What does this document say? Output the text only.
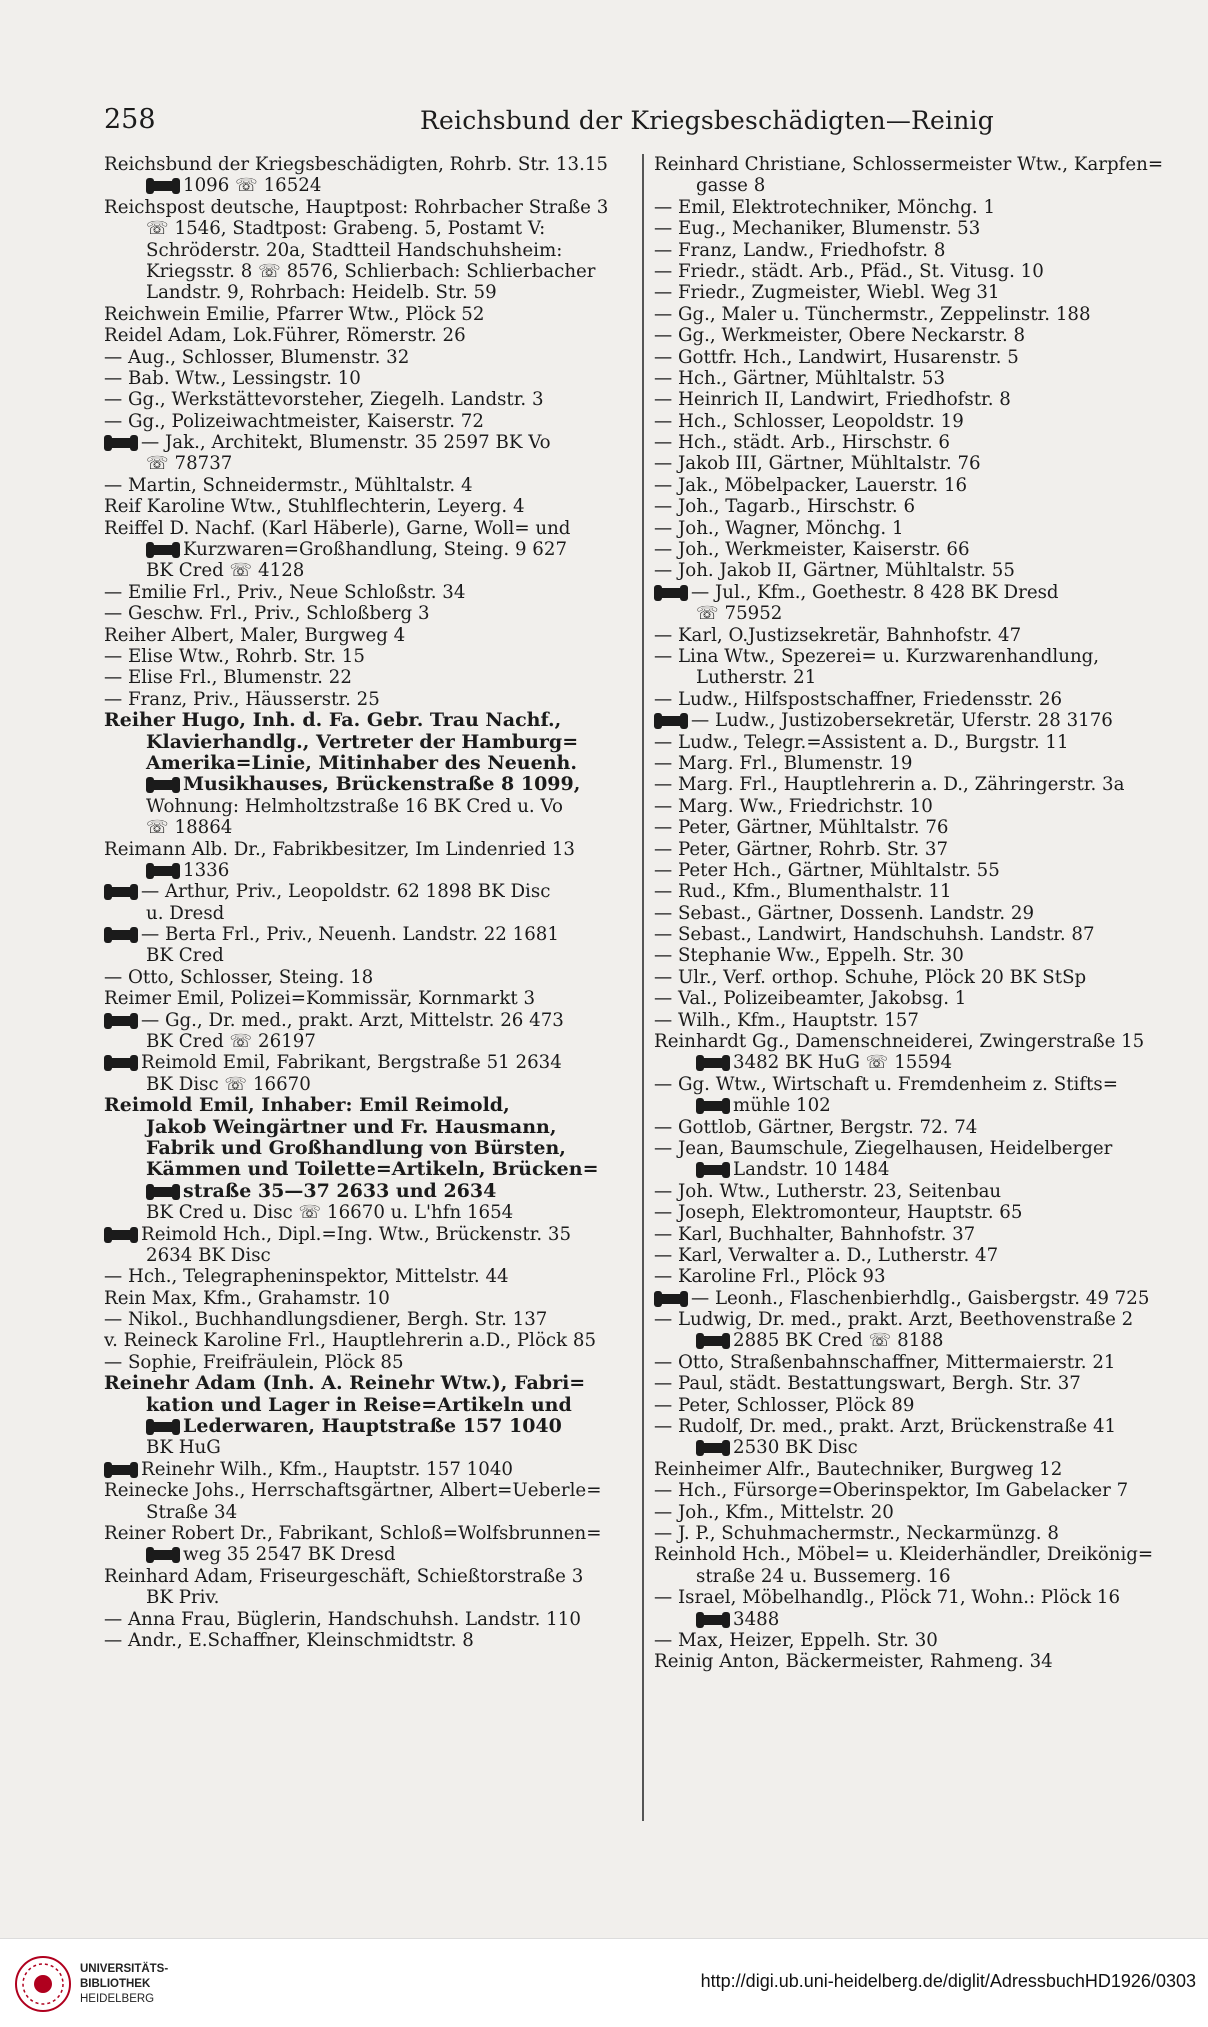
258	Reichsbund der Kriegsbeschädigten—Reinig
Reichsbund der Kriegsbeschädigten, Rohrb. Str. 13.15
1096 ☏ 16524
Reichspost deutsche, Hauptpost: Rohrbacher Straße 3
☏ 1546, Stadtpost: Grabeng. 5, Postamt V:
Schröderstr. 20a, Stadtteil Handschuhsheim:
Kriegsstr. 8 ☏ 8576, Schlierbach: Schlierbacher
Landstr. 9, Rohrbach: Heidelb. Str. 59
Reichwein Emilie, Pfarrer Wtw., Plöck 52
Reidel Adam, Lok.Führer, Römerstr. 26
— Aug., Schlosser, Blumenstr. 32
— Bab. Wtw., Lessingstr. 10
— Gg., Werkstättevorsteher, Ziegelh. Landstr. 3
— Gg., Polizeiwachtmeister, Kaiserstr. 72
— Jak., Architekt, Blumenstr. 35 2597 BK Vo
☏ 78737
— Martin, Schneidermstr., Mühltalstr. 4
Reif Karoline Wtw., Stuhlflechterin, Leyerg. 4
Reiffel D. Nachf. (Karl Häberle), Garne, Woll= und
Kurzwaren=Großhandlung, Steing. 9 627
BK Cred ☏ 4128
— Emilie Frl., Priv., Neue Schloßstr. 34
— Geschw. Frl., Priv., Schloßberg 3
Reiher Albert, Maler, Burgweg 4
— Elise Wtw., Rohrb. Str. 15
— Elise Frl., Blumenstr. 22
— Franz, Priv., Häusserstr. 25
Reiher Hugo, Inh. d. Fa. Gebr. Trau Nachf.,
Klavierhandlg., Vertreter der Hamburg=
Amerika=Linie, Mitinhaber des Neuenh.
Musikhauses, Brückenstraße 8 1099,
Wohnung: Helmholtzstraße 16 BK Cred u. Vo
☏ 18864
Reimann Alb. Dr., Fabrikbesitzer, Im Lindenried 13
1336
— Arthur, Priv., Leopoldstr. 62 1898 BK Disc
u. Dresd
— Berta Frl., Priv., Neuenh. Landstr. 22 1681
BK Cred
— Otto, Schlosser, Steing. 18
Reimer Emil, Polizei=Kommissär, Kornmarkt 3
— Gg., Dr. med., prakt. Arzt, Mittelstr. 26 473
BK Cred ☏ 26197
Reimold Emil, Fabrikant, Bergstraße 51 2634
BK Disc ☏ 16670
Reimold Emil, Inhaber: Emil Reimold,
Jakob Weingärtner und Fr. Hausmann,
Fabrik und Großhandlung von Bürsten,
Kämmen und Toilette=Artikeln, Brücken=
straße 35—37 2633 und 2634
BK Cred u. Disc ☏ 16670 u. L'hfn 1654
Reimold Hch., Dipl.=Ing. Wtw., Brückenstr. 35
2634 BK Disc
— Hch., Telegrapheninspektor, Mittelstr. 44
Rein Max, Kfm., Grahamstr. 10
— Nikol., Buchhandlungsdiener, Bergh. Str. 137
v. Reineck Karoline Frl., Hauptlehrerin a.D., Plöck 85
— Sophie, Freifräulein, Plöck 85
Reinehr Adam (Inh. A. Reinehr Wtw.), Fabri=
kation und Lager in Reise=Artikeln und
Lederwaren, Hauptstraße 157 1040
BK HuG
Reinehr Wilh., Kfm., Hauptstr. 157 1040
Reinecke Johs., Herrschaftsgärtner, Albert=Ueberle=
Straße 34
Reiner Robert Dr., Fabrikant, Schloß=Wolfsbrunnen=
weg 35 2547 BK Dresd
Reinhard Adam, Friseurgeschäft, Schießtorstraße 3
BK Priv.
— Anna Frau, Büglerin, Handschuhsh. Landstr. 110
— Andr., E.Schaffner, Kleinschmidtstr. 8
Reinhard Christiane, Schlossermeister Wtw., Karpfen=
gasse 8
— Emil, Elektrotechniker, Mönchg. 1
— Eug., Mechaniker, Blumenstr. 53
— Franz, Landw., Friedhofstr. 8
— Friedr., städt. Arb., Pfäd., St. Vitusg. 10
— Friedr., Zugmeister, Wiebl. Weg 31
— Gg., Maler u. Tünchermstr., Zeppelinstr. 188
— Gg., Werkmeister, Obere Neckarstr. 8
— Gottfr. Hch., Landwirt, Husarenstr. 5
— Hch., Gärtner, Mühltalstr. 53
— Heinrich II, Landwirt, Friedhofstr. 8
— Hch., Schlosser, Leopoldstr. 19
— Hch., städt. Arb., Hirschstr. 6
— Jakob III, Gärtner, Mühltalstr. 76
— Jak., Möbelpacker, Lauerstr. 16
— Joh., Tagarb., Hirschstr. 6
— Joh., Wagner, Mönchg. 1
— Joh., Werkmeister, Kaiserstr. 66
— Joh. Jakob II, Gärtner, Mühltalstr. 55
— Jul., Kfm., Goethestr. 8 428 BK Dresd
☏ 75952
— Karl, O.Justizsekretär, Bahnhofstr. 47
— Lina Wtw., Spezerei= u. Kurzwarenhandlung,
Lutherstr. 21
— Ludw., Hilfspostschaffner, Friedensstr. 26
— Ludw., Justizobersekretär, Uferstr. 28 3176
— Ludw., Telegr.=Assistent a. D., Burgstr. 11
— Marg. Frl., Blumenstr. 19
— Marg. Frl., Hauptlehrerin a. D., Zähringerstr. 3a
— Marg. Ww., Friedrichstr. 10
— Peter, Gärtner, Mühltalstr. 76
— Peter, Gärtner, Rohrb. Str. 37
— Peter Hch., Gärtner, Mühltalstr. 55
— Rud., Kfm., Blumenthalstr. 11
— Sebast., Gärtner, Dossenh. Landstr. 29
— Sebast., Landwirt, Handschuhsh. Landstr. 87
— Stephanie Ww., Eppelh. Str. 30
— Ulr., Verf. orthop. Schuhe, Plöck 20 BK StSp
— Val., Polizeibeamter, Jakobsg. 1
— Wilh., Kfm., Hauptstr. 157
Reinhardt Gg., Damenschneiderei, Zwingerstraße 15
3482 BK HuG ☏ 15594
— Gg. Wtw., Wirtschaft u. Fremdenheim z. Stifts=
mühle 102
— Gottlob, Gärtner, Bergstr. 72. 74
— Jean, Baumschule, Ziegelhausen, Heidelberger
Landstr. 10 1484
— Joh. Wtw., Lutherstr. 23, Seitenbau
— Joseph, Elektromonteur, Hauptstr. 65
— Karl, Buchhalter, Bahnhofstr. 37
— Karl, Verwalter a. D., Lutherstr. 47
— Karoline Frl., Plöck 93
— Leonh., Flaschenbierhdlg., Gaisbergstr. 49 725
— Ludwig, Dr. med., prakt. Arzt, Beethovenstraße 2
2885 BK Cred ☏ 8188
— Otto, Straßenbahnschaffner, Mittermaierstr. 21
— Paul, städt. Bestattungswart, Bergh. Str. 37
— Peter, Schlosser, Plöck 89
— Rudolf, Dr. med., prakt. Arzt, Brückenstraße 41
2530 BK Disc
Reinheimer Alfr., Bautechniker, Burgweg 12
— Hch., Fürsorge=Oberinspektor, Im Gabelacker 7
— Joh., Kfm., Mittelstr. 20
— J. P., Schuhmachermstr., Neckarmünzg. 8
Reinhold Hch., Möbel= u. Kleiderhändler, Dreikönig=
straße 24 u. Bussemerg. 16
— Israel, Möbelhandlg., Plöck 71, Wohn.: Plöck 16
3488
— Max, Heizer, Eppelh. Str. 30
Reinig Anton, Bäckermeister, Rahmeng. 34
UNIVERSITÄTS-
BIBLIOTHEK
HEIDELBERG
http://digi.ub.uni-heidelberg.de/diglit/AdressbuchHD1926/0303
